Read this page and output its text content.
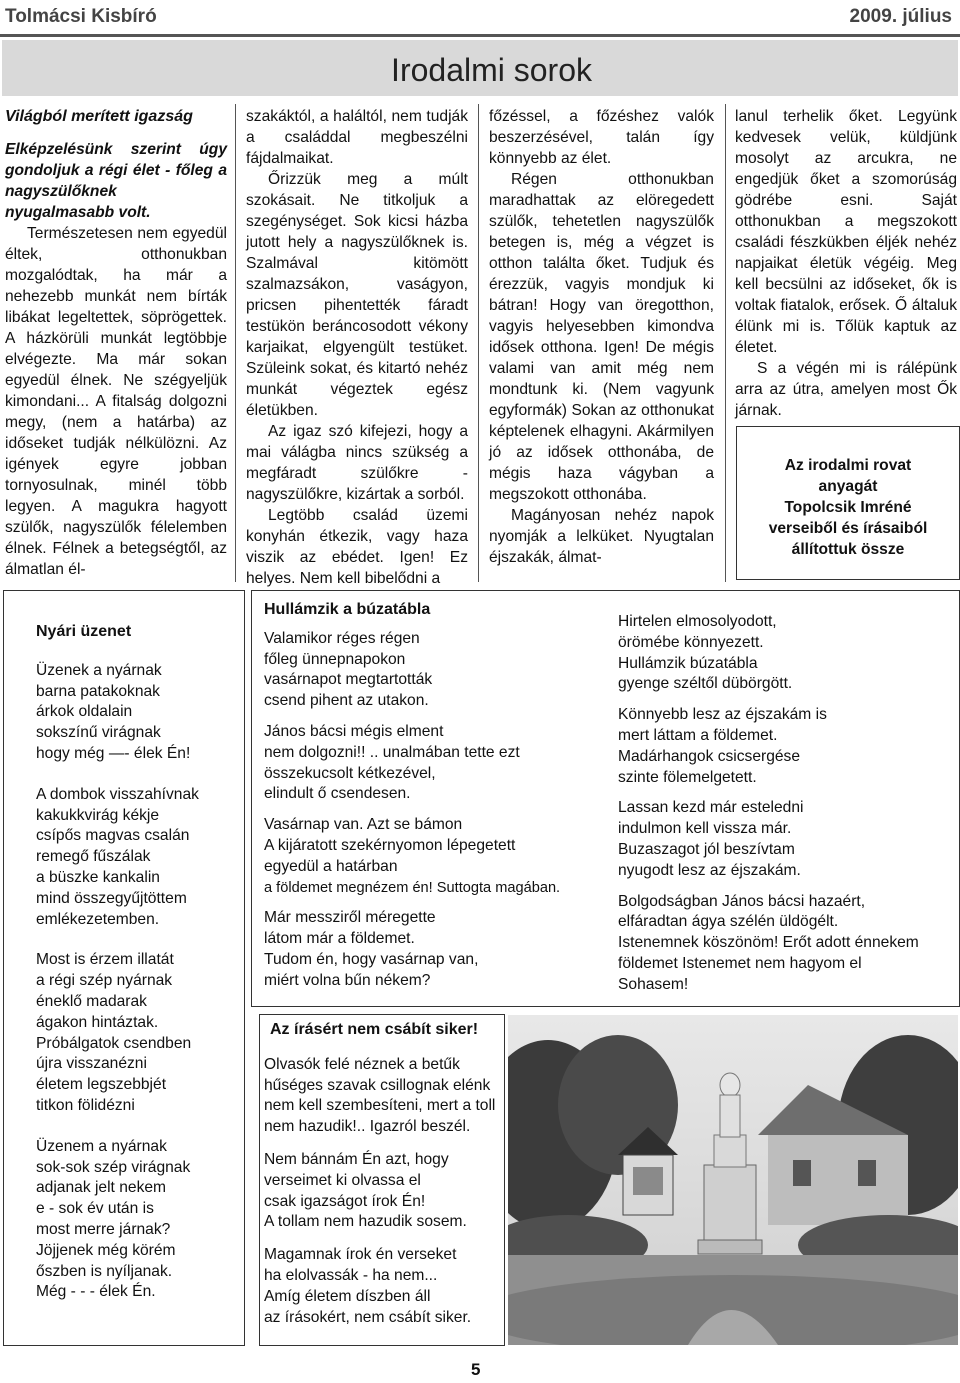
Tolmácsi Kisbíró	2009. július
Irodalmi sorok

Világból merített igazság

Elképzelésünk szerint úgy gondoljuk a régi élet - főleg a nagyszülőknek nyugalmasabb volt.

Természetesen nem egyedül éltek, otthonukban mozgalódtak, ha már a nehezebb munkát nem bírták libákat legeltettek, söprögettek. A házkörüli munkát legtöbbje elvégezte. Ma már sokan egyedül élnek. Ne szégyeljük kimondani... A fitalság dolgozni megy, (nem a határba) az időseket tudják nélkülözni. Az igények egyre jobban tornyosulnak, minél több legyen. A magukra hagyott szülők, nagyszülők félelemben élnek. Félnek a betegségtől, az álmatlan él-

szakáktól, a haláltól, nem tudják a családdal megbeszélni fájdalmaikat.

Őrizzük meg a múlt szokásait. Ne titkoljuk a szegénységet. Sok kicsi házba jutott hely a nagyszülőknek is. Szalmával kitömött szalmazsákon, vaságyon, pricsen pihentették fáradt testükön beráncosodott vékony karjaikat, elgyengült testüket. Szüleink sokat, és kitartó nehéz munkát végeztek egész életükben.

Az igaz szó kifejezi, hogy a mai válágba nincs szükség a megfáradt szülőkre - nagyszülőkre, kizártak a sorból.

Legtöbb család üzemi konyhán étkezik, vagy haza viszik az ebédet. Igen! Ez helyes. Nem kell bibelődni a

főzéssel, a főzéshez valók beszerzésével, talán így könnyebb az élet.

Régen otthonukban maradhattak az elöregedett szülők, tehetetlen nagyszülők betegen is, még a végzet is otthon találta őket. Tudjuk és érezzük, vagyis mondjuk ki bátran! Hogy van öregotthon, vagyis helyesebben kimondva idősek otthona. Igen! De mégis valami van amit még nem mondtunk ki. (Nem vagyunk egyformák) Sokan az otthonukat képtelenek elhagyni. Akármilyen jó az idősek otthonába, de mégis haza vágyban a megszokott otthonába.

Magányosan nehéz napok nyomják a lelküket. Nyugtalan éjszakák, álmat-

lanul terhelik őket. Legyünk kedvesek velük, küldjünk mosolyt az arcukra, ne engedjük őket a szomorúság gödrébe esni. Saját otthonukban a megszokott családi fészkükben éljék nehéz napjaikat életük végéig. Meg kell becsülni az időseket, ők is voltak fiatalok, erősek. Ő általuk élünk mi is. Tőlük kaptuk az életet.

S a végén mi is rálépünk arra az útra, amelyen most Ők járnak.

Az irodalmi rovat
anyagát
Topolcsik Imréné
verseiből és írásaiból
állítottuk össze
Nyári üzenet
Üzenek a nyárnak
barna patakoknak
árkok oldalain
sokszínű virágnak
hogy még —- élek Én!
A dombok visszahívnak
kakukkvirág kékje
csípős magvas csalán
remegő fűszálak
a büszke kankalin
mind összegyűjtöttem
emlékezetemben.
Most is érzem illatát
a régi szép nyárnak
éneklő madarak
ágakon hintáztak.
Próbálgatok csendben
újra visszanézni
életem legszebbjét
titkon fölidézni
Üzenem a nyárnak
sok-sok szép virágnak
adjanak jelt nekem
e - sok év után is
most merre járnak?
Jöjjenek még körém
őszben is nyíljanak.
Még - - - élek Én.
Hullámzik a búzatábla
Valamikor réges régen
főleg ünnepnapokon
vasárnapot megtartották
csend pihent az utakon.
János bácsi mégis elment
nem dolgozni!! .. unalmában tette ezt
összekucsolt kétkezével,
elindult ő csendesen.
Vasárnap van. Azt se bámon
A kijáratott szekérnyomon lépegetett
egyedül a határban
a földemet megnézem én! Suttogta magában.
Már messziről méregette
látom már a földemet.
Tudom én, hogy vasárnap van,
miért volna bűn nékem?
Hirtelen elmosolyodott,
örömébe könnyezett.
Hullámzik búzatábla
gyenge széltől dübörgött.
Könnyebb lesz az éjszakám is
mert láttam a földemet.
Madárhangok csicsergése
szinte fölemelgetett.
Lassan kezd már esteledni
indulmon kell vissza már.
Buzaszagot jól beszívtam
nyugodt lesz az éjszakám.
Bolgodságban János bácsi hazaért,
elfáradtan ágya szélén üldögélt.
Istenemnek köszönöm! Erőt adott énnekem
földemet Istenemet nem hagyom el
Sohasem!
Az írásért nem csábít siker!
Olvasók felé néznek a betűk
hűséges szavak csillognak elénk
nem kell szembesíteni, mert a toll
nem hazudik!.. Igazról beszél.
Nem bánnám Én azt, hogy
verseimet ki olvassa el
csak igazságot írok Én!
A tollam nem hazudik sosem.
Magamnak írok én verseket
ha elolvassák - ha nem...
Amíg életem díszben áll
az írásokért, nem csábít siker.
5
